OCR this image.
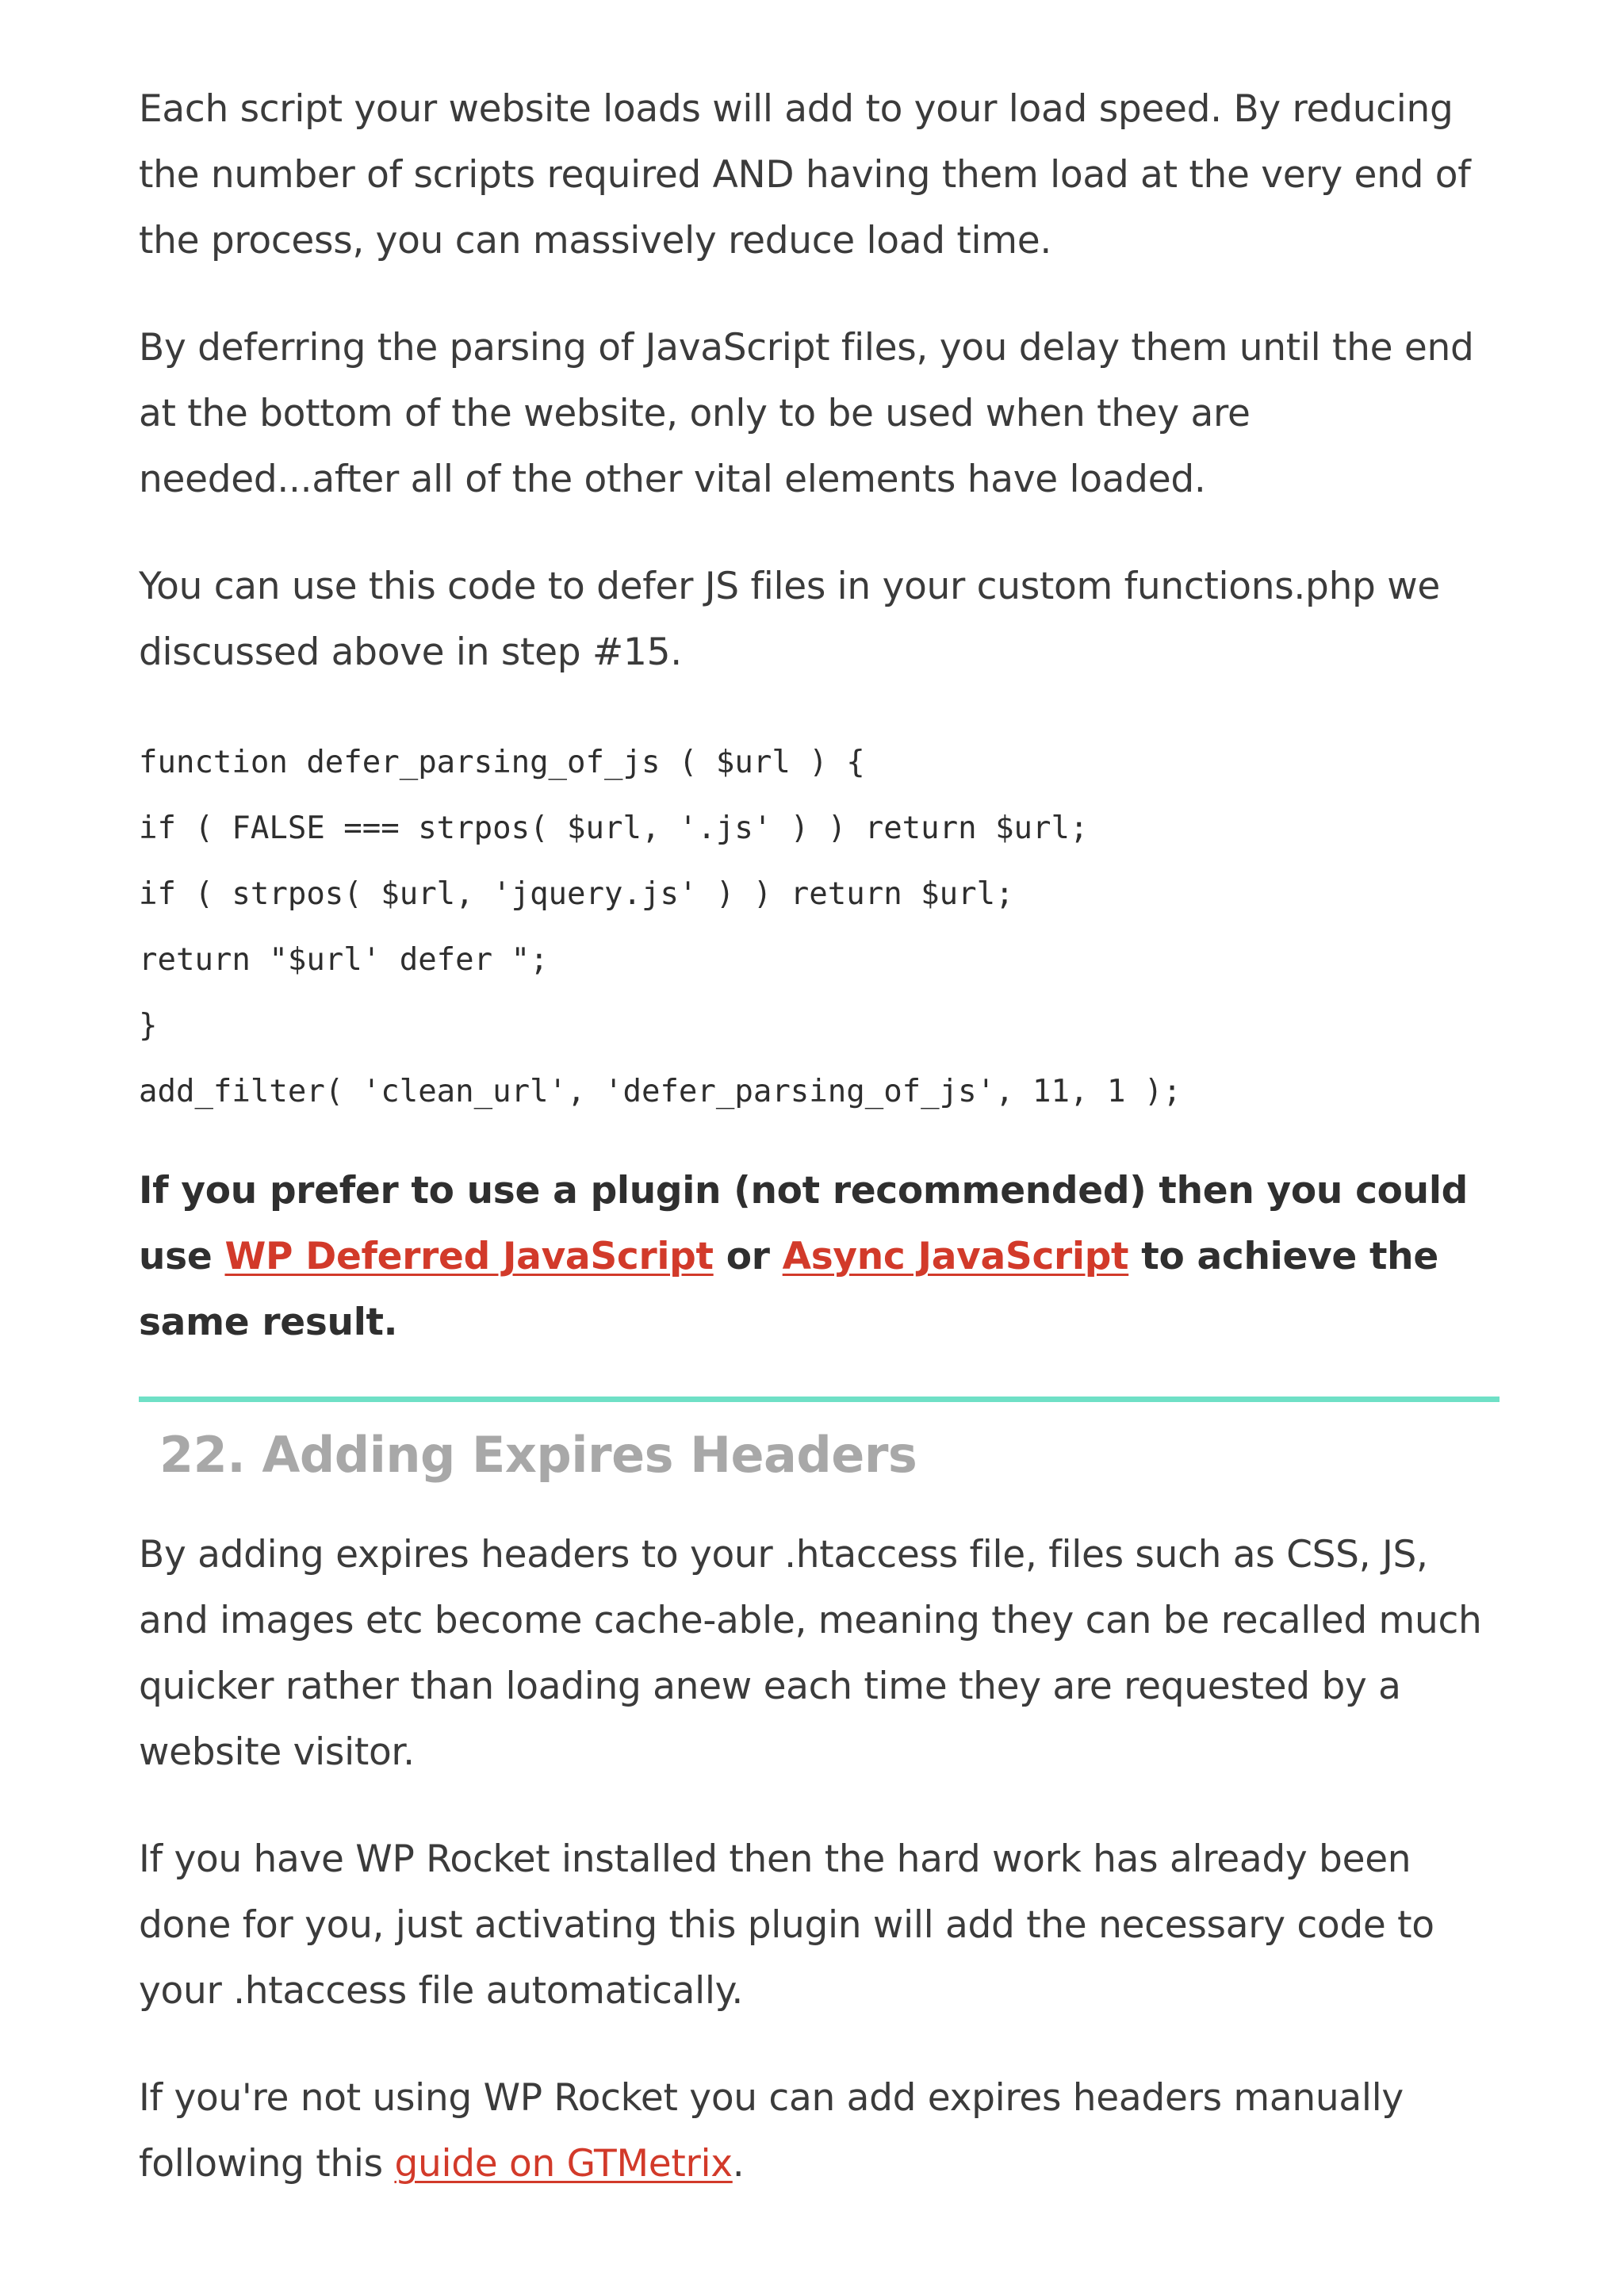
Each script your website loads will add to your load speed. By reducing the number of scripts required AND having them load at the very end of the process, you can massively reduce load time.

By deferring the parsing of JavaScript files, you delay them until the end at the bottom of the website, only to be used when they are needed...after all of the other vital elements have loaded.

You can use this code to defer JS files in your custom functions.php we discussed above in step #15.

function defer_parsing_of_js ( $url ) {
if ( FALSE === strpos( $url, '.js' ) ) return $url;
if ( strpos( $url, 'jquery.js' ) ) return $url;
return "$url' defer ";
}
add_filter( 'clean_url', 'defer_parsing_of_js', 11, 1 );

If you prefer to use a plugin (not recommended) then you could use WP Deferred JavaScript or Async JavaScript to achieve the same result.

22. Adding Expires Headers

By adding expires headers to your .htaccess file, files such as CSS, JS, and images etc become cache-able, meaning they can be recalled much quicker rather than loading anew each time they are requested by a website visitor.

If you have WP Rocket installed then the hard work has already been done for you, just activating this plugin will add the necessary code to your .htaccess file automatically.

If you're not using WP Rocket you can add expires headers manually following this guide on GTMetrix.
